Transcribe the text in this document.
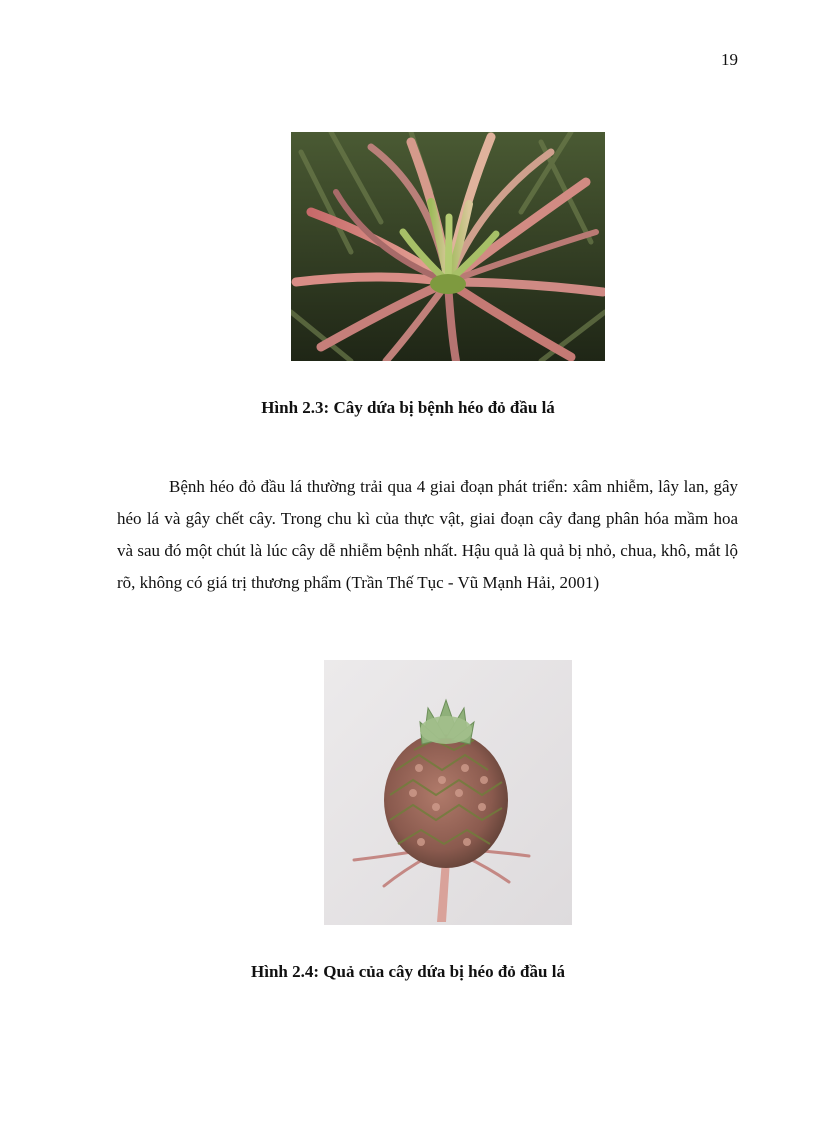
19
Hình 2.3: Cây dứa bị bệnh héo đỏ đầu lá

Bệnh héo đỏ đầu lá thường trải qua 4 giai đoạn phát triển: xâm nhiễm, lây lan, gây héo lá và gây chết cây. Trong chu kì của thực vật, giai đoạn cây đang phân hóa mầm hoa và sau đó một chút là lúc cây dễ nhiễm bệnh nhất. Hậu quả là quả bị nhỏ, chua, khô, mắt lộ rõ, không có giá trị thương phẩm (Trần Thế Tục - Vũ Mạnh Hải, 2001)

Hình 2.4: Quả của cây dứa bị héo đỏ đầu lá
